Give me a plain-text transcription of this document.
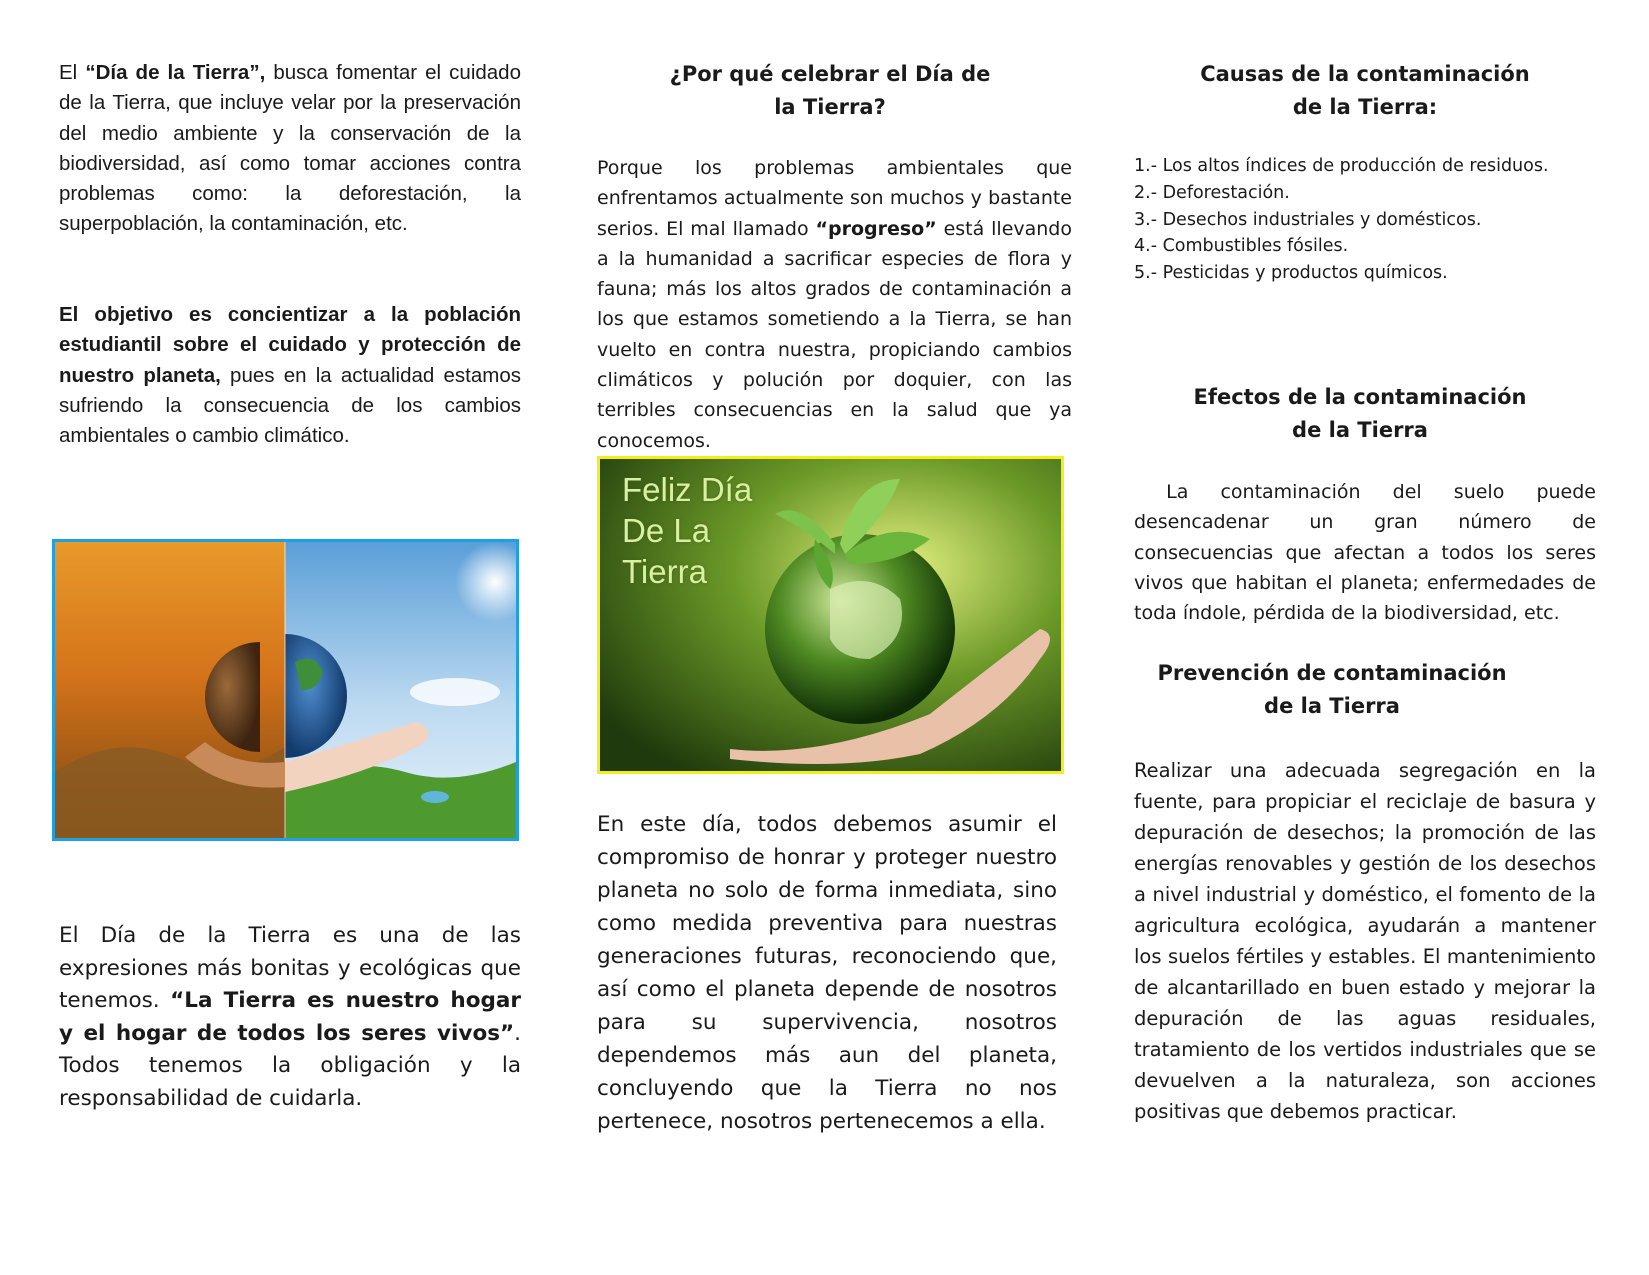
El “Día de la Tierra”, busca fomentar el cuidado de la Tierra, que incluye velar por la preservación del medio ambiente y la conservación de la biodiversidad, así como tomar acciones contra problemas como: la deforestación, la superpoblación, la contaminación, etc.

El objetivo es concientizar a la población estudiantil sobre el cuidado y protección de nuestro planeta, pues en la actualidad estamos sufriendo la consecuencia de los cambios ambientales o cambio climático.

El Día de la Tierra es una de las expresiones más bonitas y ecológicas que tenemos. “La Tierra es nuestro hogar y el hogar de todos los seres vivos”. Todos tenemos la obligación y la responsabilidad de cuidarla.

¿Por qué celebrar el Día de la Tierra?

Porque los problemas ambientales que enfrentamos actualmente son muchos y bastante serios. El mal llamado “progreso” está llevando a la humanidad a sacrificar especies de flora y fauna; más los altos grados de contaminación a los que estamos sometiendo a la Tierra, se han vuelto en contra nuestra, propiciando cambios climáticos y polución por doquier, con las terribles consecuencias en la salud que ya conocemos.

Feliz Día
De La
Tierra

En este día, todos debemos asumir el compromiso de honrar y proteger nuestro planeta no solo de forma inmediata, sino como medida preventiva para nuestras generaciones futuras, reconociendo que, así como el planeta depende de nosotros para su supervivencia, nosotros dependemos más aun del planeta, concluyendo que la Tierra no nos pertenece, nosotros pertenecemos a ella.

Causas de la contaminación de la Tierra:
1.- Los altos índices de producción de residuos.
2.- Deforestación.
3.- Desechos industriales y domésticos.
4.- Combustibles fósiles.
5.- Pesticidas y productos químicos.
Efectos de la contaminación de la Tierra

La contaminación del suelo puede desencadenar un gran número de consecuencias que afectan a todos los seres vivos que habitan el planeta; enfermedades de toda índole, pérdida de la biodiversidad, etc.

Prevención de contaminación de la Tierra

Realizar una adecuada segregación en la fuente, para propiciar el reciclaje de basura y depuración de desechos; la promoción de las energías renovables y gestión de los desechos a nivel industrial y doméstico, el fomento de la agricultura ecológica, ayudarán a mantener los suelos fértiles y estables. El mantenimiento de alcantarillado en buen estado y mejorar la depuración de las aguas residuales, tratamiento de los vertidos industriales que se devuelven a la naturaleza, son acciones positivas que debemos practicar.
